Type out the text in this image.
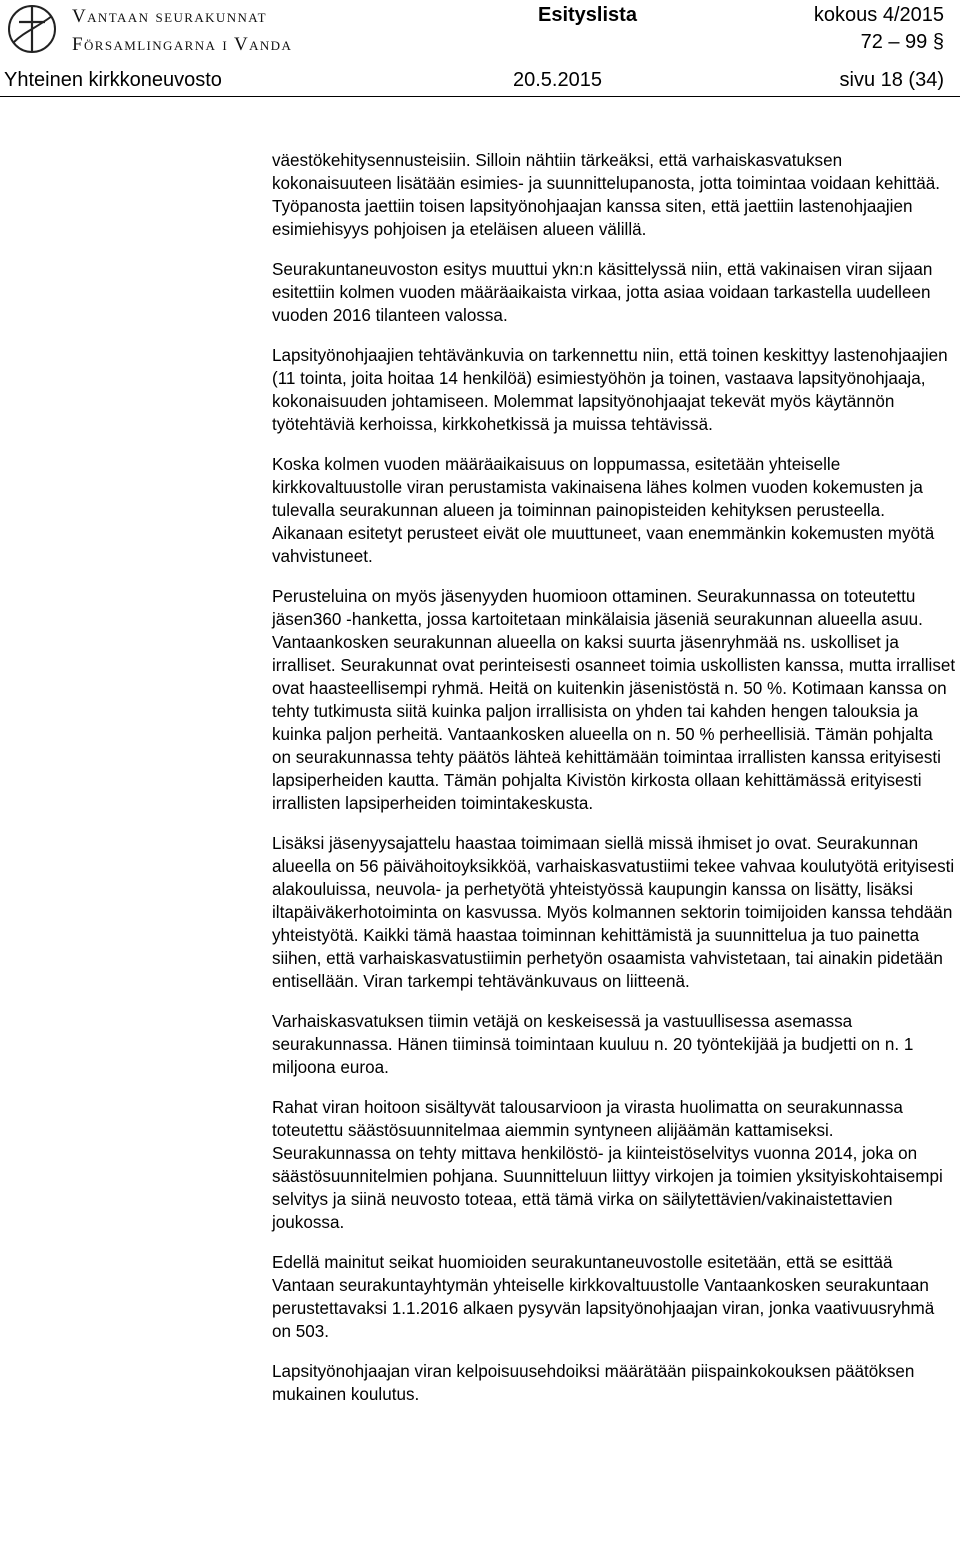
Vantaan seurakunnat
Församlingarna i Vanda
Esityslista	kokous 4/2015
72 – 99 §
Yhteinen kirkkoneuvosto	20.5.2015	sivu 18 (34)

väestökehitysennusteisiin. Silloin nähtiin tärkeäksi, että varhaiskasvatuksen kokonaisuuteen lisätään esimies- ja suunnittelupanosta, jotta toimintaa voidaan kehittää. Työpanosta jaettiin toisen lapsityönohjaajan kanssa siten, että jaettiin lastenohjaajien esimiehisyys pohjoisen ja eteläisen alueen välillä.

Seurakuntaneuvoston esitys muuttui ykn:n käsittelyssä niin, että vakinaisen viran sijaan esitettiin kolmen vuoden määräaikaista virkaa, jotta asiaa voidaan tarkastella uudelleen vuoden 2016 tilanteen valossa.

Lapsityönohjaajien tehtävänkuvia on tarkennettu niin, että toinen keskittyy lastenohjaajien (11 tointa, joita hoitaa 14 henkilöä) esimiestyöhön ja toinen, vastaava lapsityönohjaaja, kokonaisuuden johtamiseen. Molemmat lapsityönohjaajat tekevät myös käytännön työtehtäviä kerhoissa, kirkkohetkissä ja muissa tehtävissä.

Koska kolmen vuoden määräaikaisuus on loppumassa, esitetään yhteiselle kirkkovaltuustolle viran perustamista vakinaisena lähes kolmen vuoden kokemusten ja tulevalla seurakunnan alueen ja toiminnan painopisteiden kehityksen perusteella. Aikanaan esitetyt perusteet eivät ole muuttuneet, vaan enemmänkin kokemusten myötä vahvistuneet.

Perusteluina on myös jäsenyyden huomioon ottaminen. Seurakunnassa on toteutettu jäsen360 -hanketta, jossa kartoitetaan minkälaisia jäseniä seurakunnan alueella asuu. Vantaankosken seurakunnan alueella on kaksi suurta jäsenryhmää ns. uskolliset ja irralliset. Seurakunnat ovat perinteisesti osanneet toimia uskollisten kanssa, mutta irralliset ovat haasteellisempi ryhmä. Heitä on kuitenkin jäsenistöstä n. 50 %. Kotimaan kanssa on tehty tutkimusta siitä kuinka paljon irrallisista on yhden tai kahden hengen talouksia ja kuinka paljon perheitä. Vantaankosken alueella on n. 50 % perheellisiä. Tämän pohjalta on seurakunnassa tehty päätös lähteä kehittämään toimintaa irrallisten kanssa erityisesti lapsiperheiden kautta. Tämän pohjalta Kivistön kirkosta ollaan kehittämässä erityisesti irrallisten lapsiperheiden toimintakeskusta.

Lisäksi jäsenyysajattelu haastaa toimimaan siellä missä ihmiset jo ovat. Seurakunnan alueella on 56 päivähoitoyksikköä, varhaiskasvatustiimi tekee vahvaa koulutyötä erityisesti alakouluissa, neuvola- ja perhetyötä yhteistyössä kaupungin kanssa on lisätty, lisäksi iltapäiväkerhotoiminta on kasvussa. Myös kolmannen sektorin toimijoiden kanssa tehdään yhteistyötä. Kaikki tämä haastaa toiminnan kehittämistä ja suunnittelua ja tuo painetta siihen, että varhaiskasvatustiimin perhetyön osaamista vahvistetaan, tai ainakin pidetään entisellään. Viran tarkempi tehtävänkuvaus on liitteenä.

Varhaiskasvatuksen tiimin vetäjä on keskeisessä ja vastuullisessa asemassa seurakunnassa. Hänen tiiminsä toimintaan kuuluu n. 20 työntekijää ja budjetti on n. 1 miljoona euroa.

Rahat viran hoitoon sisältyvät talousarvioon ja virasta huolimatta on seurakunnassa toteutettu säästösuunnitelmaa aiemmin syntyneen alijäämän kattamiseksi. Seurakunnassa on tehty mittava henkilöstö- ja kiinteistöselvitys vuonna 2014, joka on säästösuunnitelmien pohjana. Suunnitteluun liittyy virkojen ja toimien yksityiskohtaisempi selvitys ja siinä neuvosto toteaa, että tämä virka on säilytettävien/vakinaistettavien joukossa.

Edellä mainitut seikat huomioiden seurakuntaneuvostolle esitetään, että se esittää Vantaan seurakuntayhtymän yhteiselle kirkkovaltuustolle Vantaankosken seurakuntaan perustettavaksi 1.1.2016 alkaen pysyvän lapsityönohjaajan viran, jonka vaativuusryhmä on 503.

Lapsityönohjaajan viran kelpoisuusehdoiksi määrätään piispainkokouksen päätöksen mukainen koulutus.
